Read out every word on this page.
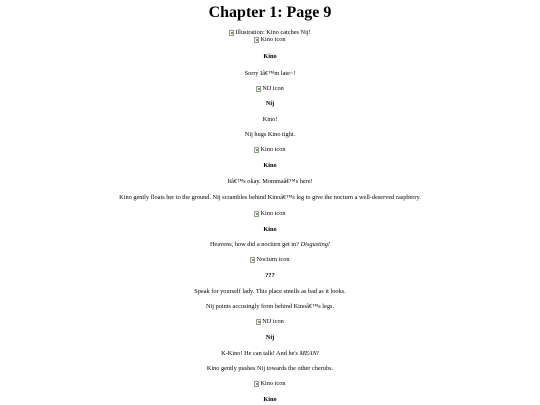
Chapter 1: Page 9
Illustration: Kino catches Nij!
Kino icon
Kino
Sorry Iâ€™m late~!
NIJ icon
Nij
Kino!
Nij hugs Kino tight.
Kino icon
Kino
Itâ€™s okay. Mommaâ€™s here!
Kino gently floats her to the ground. Nij scrambles behind Kinoâ€™s leg to give the nocturn a well-deserved raspberry.
Kino icon
Kino
Heavens, how did a nocturn get in? Disgusting!
Nocturn icon
???
Speak for yourself lady. This place smells as bad as it looks.
Nij points accusingly from behind Kinoâ€™s legs.
NIJ icon
Nij
K-Kino! He can talk! And he's MEAN!
Kino gently pushes Nij towards the other cherubs.
Kino icon
Kino
